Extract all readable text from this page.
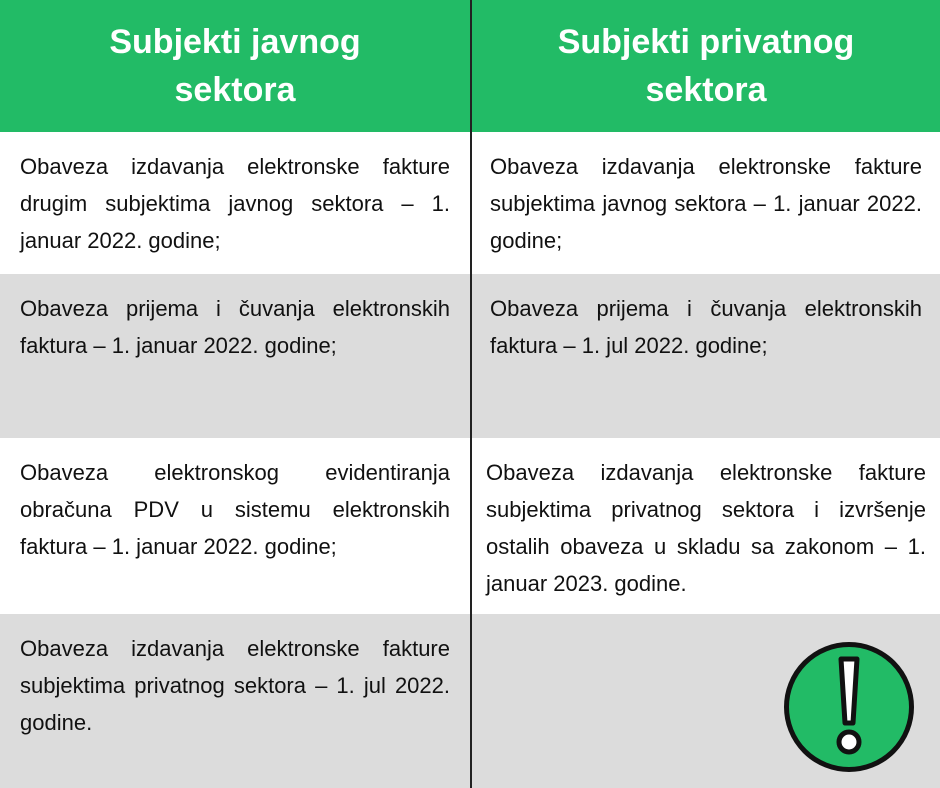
Subjekti javnog sektora
Subjekti privatnog sektora
Obaveza izdavanja elektronske fakture drugim subjektima javnog sektora – 1. januar 2022. godine;
Obaveza izdavanja elektronske fakture subjektima javnog sektora – 1. januar 2022. godine;
Obaveza prijema i čuvanja elektronskih faktura – 1. januar 2022. godine;
Obaveza prijema i čuvanja elektronskih faktura – 1. jul 2022. godine;
Obaveza elektronskog evidentiranja obračuna PDV u sistemu elektronskih faktura – 1. januar 2022. godine;
Obaveza izdavanja elektronske fakture subjektima privatnog sektora i izvršenje ostalih obaveza u skladu sa zakonom – 1. januar 2023. godine.
Obaveza izdavanja elektronske fakture subjektima privatnog sektora – 1. jul 2022. godine.
